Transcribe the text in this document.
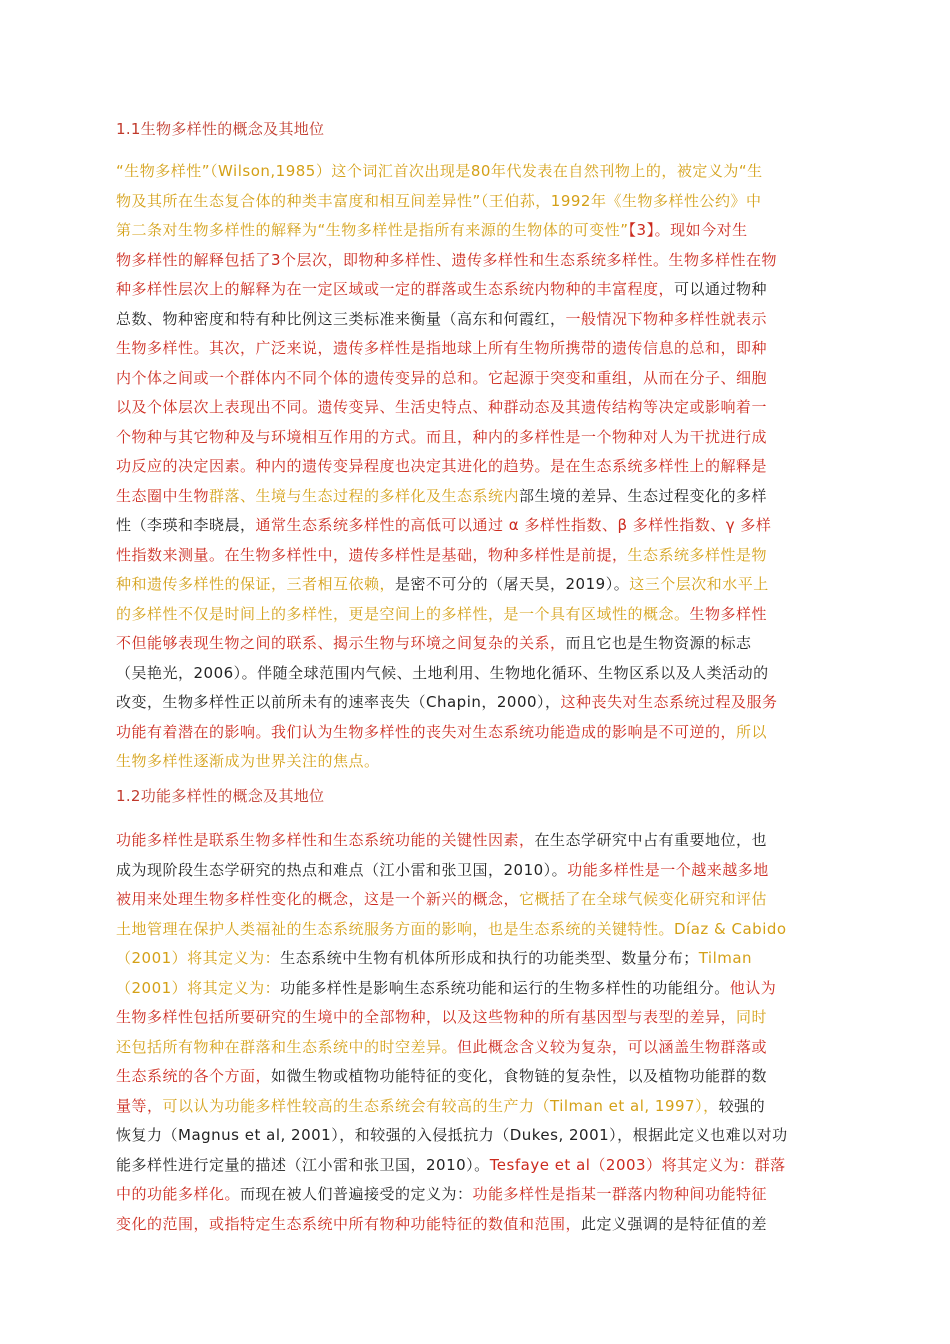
1.1生物多样性的概念及其地位
“生物多样性”（Wilson,1985）这个词汇首次出现是80年代发表在自然刊物上的，被定义为“生
物及其所在生态复合体的种类丰富度和相互间差异性”（王伯荪，1992年《生物多样性公约》中
第二条对生物多样性的解释为“生物多样性是指所有来源的生物体的可变性”【3】。现如今对生
物多样性的解释包括了3个层次，即物种多样性、遗传多样性和生态系统多样性。生物多样性在物
种多样性层次上的解释为在一定区域或一定的群落或生态系统内物种的丰富程度，可以通过物种
总数、物种密度和特有种比例这三类标准来衡量（高东和何霞红，一般情况下物种多样性就表示
生物多样性。其次，广泛来说，遗传多样性是指地球上所有生物所携带的遗传信息的总和，即种
内个体之间或一个群体内不同个体的遗传变异的总和。它起源于突变和重组，从而在分子、细胞
以及个体层次上表现出不同。遗传变异、生活史特点、种群动态及其遗传结构等决定或影响着一
个物种与其它物种及与环境相互作用的方式。而且，种内的多样性是一个物种对人为干扰进行成
功反应的决定因素。种内的遗传变异程度也决定其进化的趋势。是在生态系统多样性上的解释是
生态圈中生物群落、生境与生态过程的多样化及生态系统内部生境的差异、生态过程变化的多样
性（李瑛和李晓晨，通常生态系统多样性的高低可以通过 α 多样性指数、β 多样性指数、γ 多样
性指数来测量。在生物多样性中，遗传多样性是基础，物种多样性是前提，生态系统多样性是物
种和遗传多样性的保证，三者相互依赖，是密不可分的（屠天昊，2019）。这三个层次和水平上
的多样性不仅是时间上的多样性，更是空间上的多样性，是一个具有区域性的概念。生物多样性
不但能够表现生物之间的联系、揭示生物与环境之间复杂的关系，而且它也是生物资源的标志
（吴艳光，2006）。伴随全球范围内气候、土地利用、生物地化循环、生物区系以及人类活动的
改变，生物多样性正以前所未有的速率丧失（Chapin，2000），这种丧失对生态系统过程及服务
功能有着潜在的影响。我们认为生物多样性的丧失对生态系统功能造成的影响是不可逆的，所以
生物多样性逐渐成为世界关注的焦点。
1.2功能多样性的概念及其地位
功能多样性是联系生物多样性和生态系统功能的关键性因素，在生态学研究中占有重要地位，也
成为现阶段生态学研究的热点和难点（江小雷和张卫国，2010）。功能多样性是一个越来越多地
被用来处理生物多样性变化的概念，这是一个新兴的概念，它概括了在全球气候变化研究和评估
土地管理在保护人类福祉的生态系统服务方面的影响，也是生态系统的关键特性。Díaz & Cabido
（2001）将其定义为：生态系统中生物有机体所形成和执行的功能类型、数量分布；Tilman
（2001）将其定义为：功能多样性是影响生态系统功能和运行的生物多样性的功能组分。他认为
生物多样性包括所要研究的生境中的全部物种，以及这些物种的所有基因型与表型的差异，同时
还包括所有物种在群落和生态系统中的时空差异。但此概念含义较为复杂，可以涵盖生物群落或
生态系统的各个方面，如微生物或植物功能特征的变化，食物链的复杂性，以及植物功能群的数
量等，可以认为功能多样性较高的生态系统会有较高的生产力（Tilman et al, 1997），较强的
恢复力（Magnus et al, 2001），和较强的入侵抵抗力（Dukes, 2001），根据此定义也难以对功
能多样性进行定量的描述（江小雷和张卫国，2010）。Tesfaye et al（2003）将其定义为：群落
中的功能多样化。而现在被人们普遍接受的定义为：功能多样性是指某一群落内物种间功能特征
变化的范围，或指特定生态系统中所有物种功能特征的数值和范围，此定义强调的是特征值的差
